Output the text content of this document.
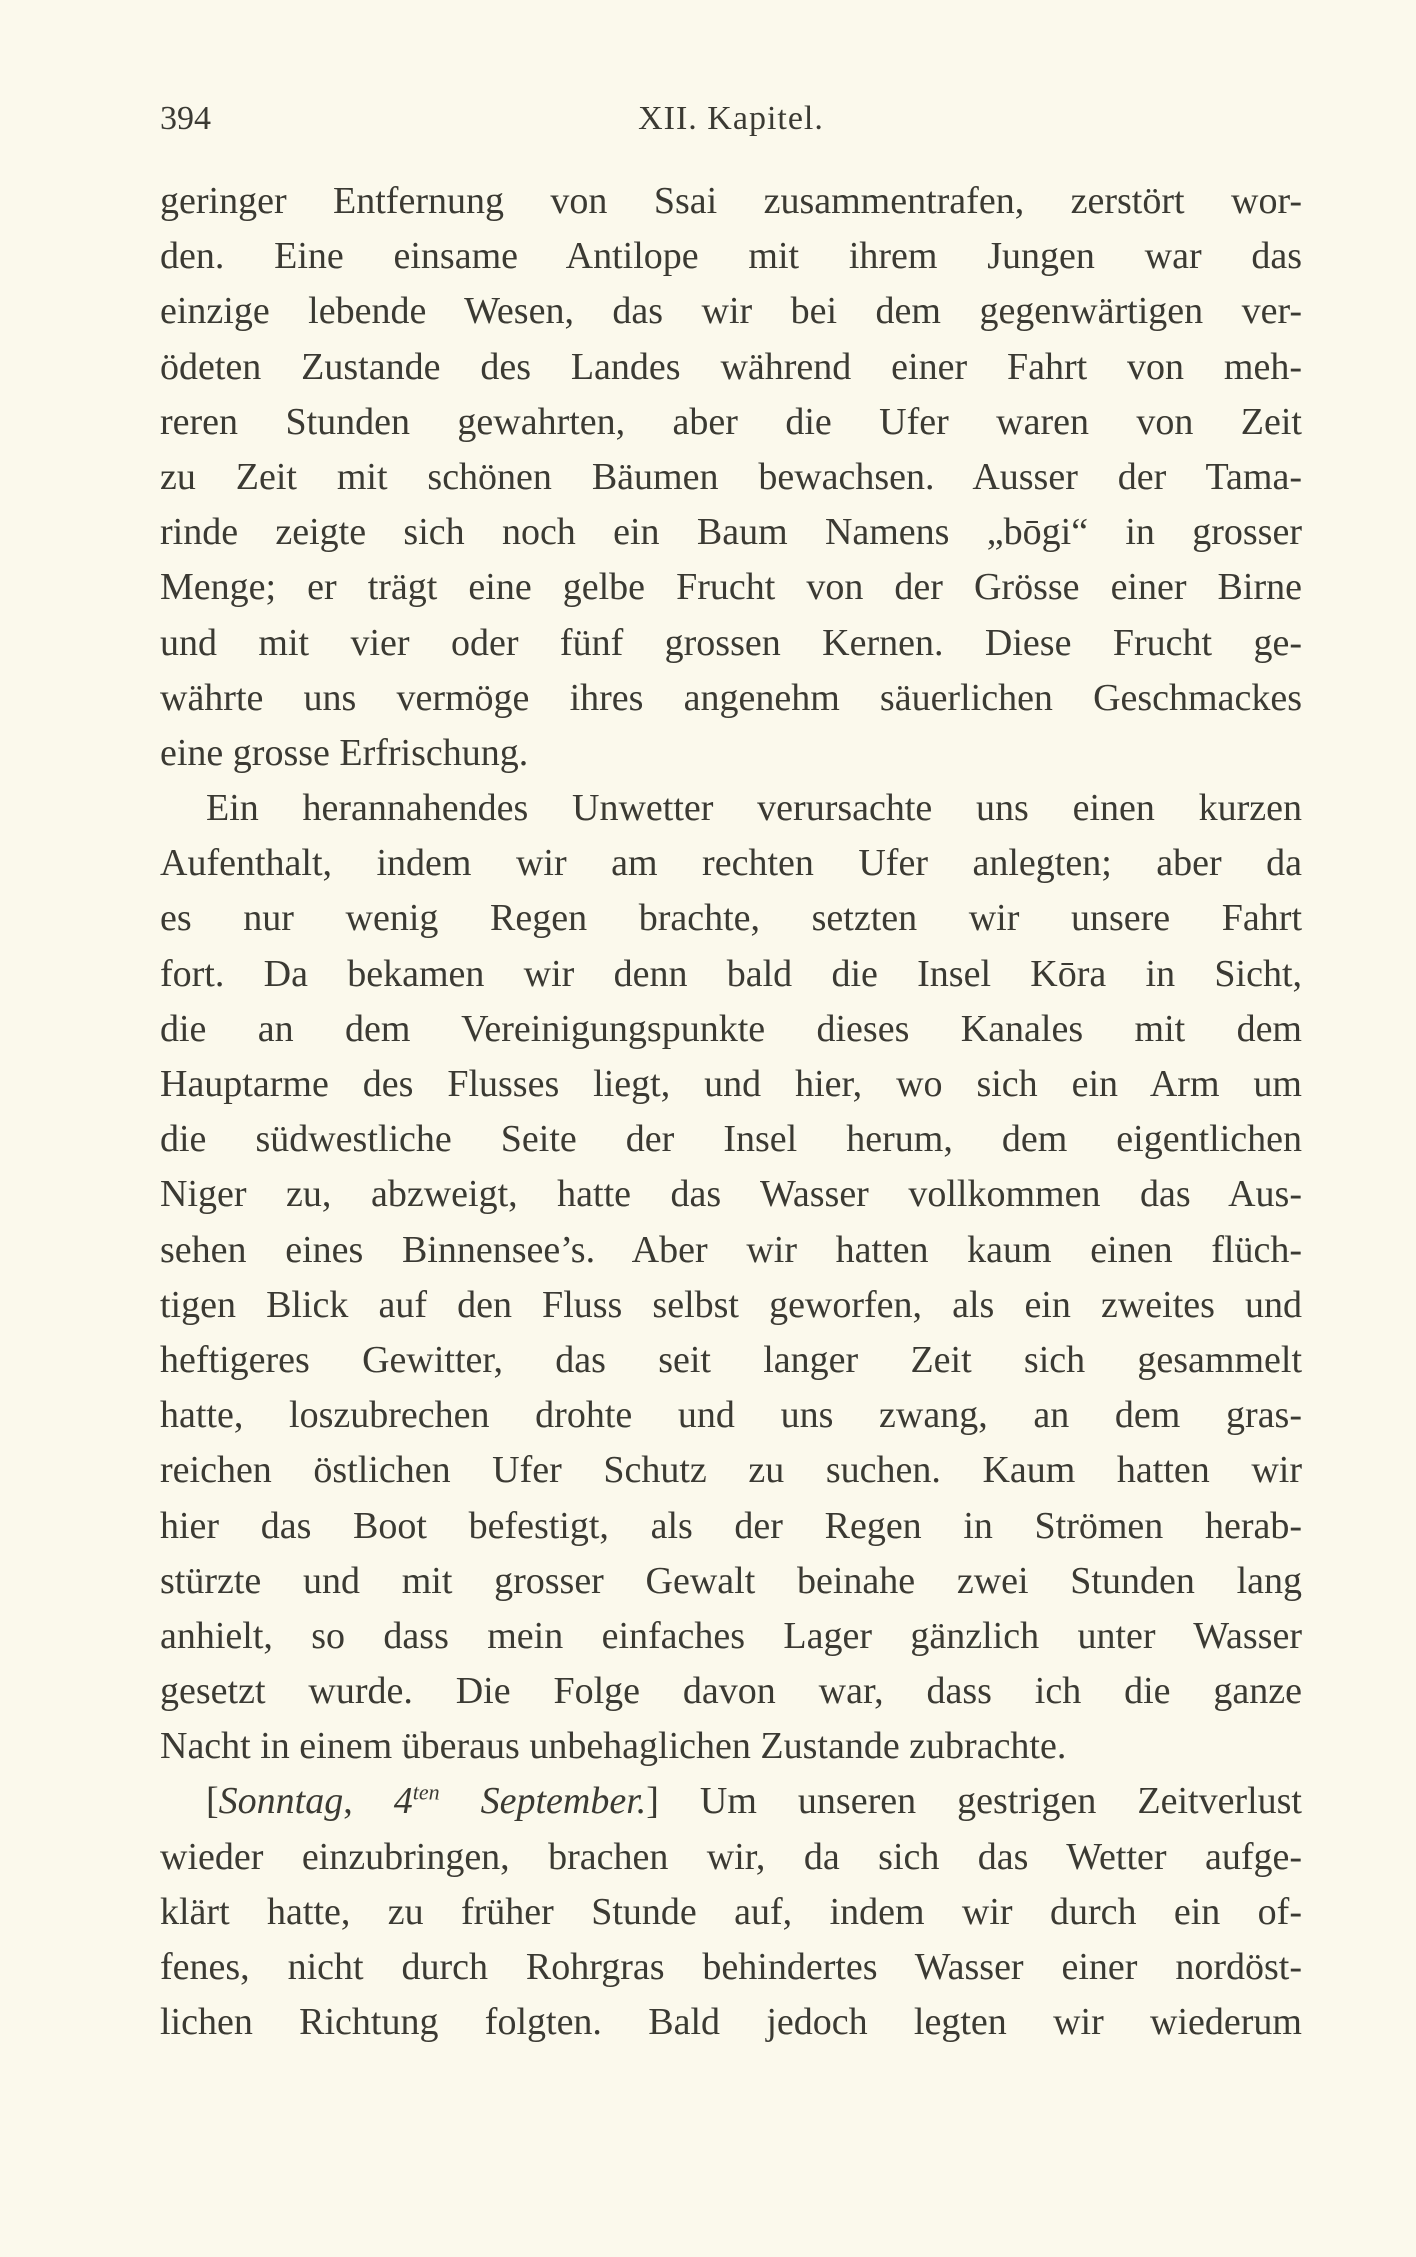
394	XII. Kapitel.
geringer Entfernung von Ssai zusammentrafen, zerstört wor-
den. Eine einsame Antilope mit ihrem Jungen war das
einzige lebende Wesen, das wir bei dem gegenwärtigen ver-
ödeten Zustande des Landes während einer Fahrt von meh-
reren Stunden gewahrten, aber die Ufer waren von Zeit
zu Zeit mit schönen Bäumen bewachsen. Ausser der Tama-
rinde zeigte sich noch ein Baum Namens „bōgi“ in grosser
Menge; er trägt eine gelbe Frucht von der Grösse einer Birne
und mit vier oder fünf grossen Kernen. Diese Frucht ge-
währte uns vermöge ihres angenehm säuerlichen Geschmackes
eine grosse Erfrischung.
Ein herannahendes Unwetter verursachte uns einen kurzen
Aufenthalt, indem wir am rechten Ufer anlegten; aber da
es nur wenig Regen brachte, setzten wir unsere Fahrt
fort. Da bekamen wir denn bald die Insel Kōra in Sicht,
die an dem Vereinigungspunkte dieses Kanales mit dem
Hauptarme des Flusses liegt, und hier, wo sich ein Arm um
die südwestliche Seite der Insel herum, dem eigentlichen
Niger zu, abzweigt, hatte das Wasser vollkommen das Aus-
sehen eines Binnensee’s. Aber wir hatten kaum einen flüch-
tigen Blick auf den Fluss selbst geworfen, als ein zweites und
heftigeres Gewitter, das seit langer Zeit sich gesammelt
hatte, loszubrechen drohte und uns zwang, an dem gras-
reichen östlichen Ufer Schutz zu suchen. Kaum hatten wir
hier das Boot befestigt, als der Regen in Strömen herab-
stürzte und mit grosser Gewalt beinahe zwei Stunden lang
anhielt, so dass mein einfaches Lager gänzlich unter Wasser
gesetzt wurde. Die Folge davon war, dass ich die ganze
Nacht in einem überaus unbehaglichen Zustande zubrachte.
[Sonntag, $4^{ten}$ September.] Um unseren gestrigen Zeitverlust
wieder einzubringen, brachen wir, da sich das Wetter aufge-
klärt hatte, zu früher Stunde auf, indem wir durch ein of-
fenes, nicht durch Rohrgras behindertes Wasser einer nordöst-
lichen Richtung folgten. Bald jedoch legten wir wiederum
